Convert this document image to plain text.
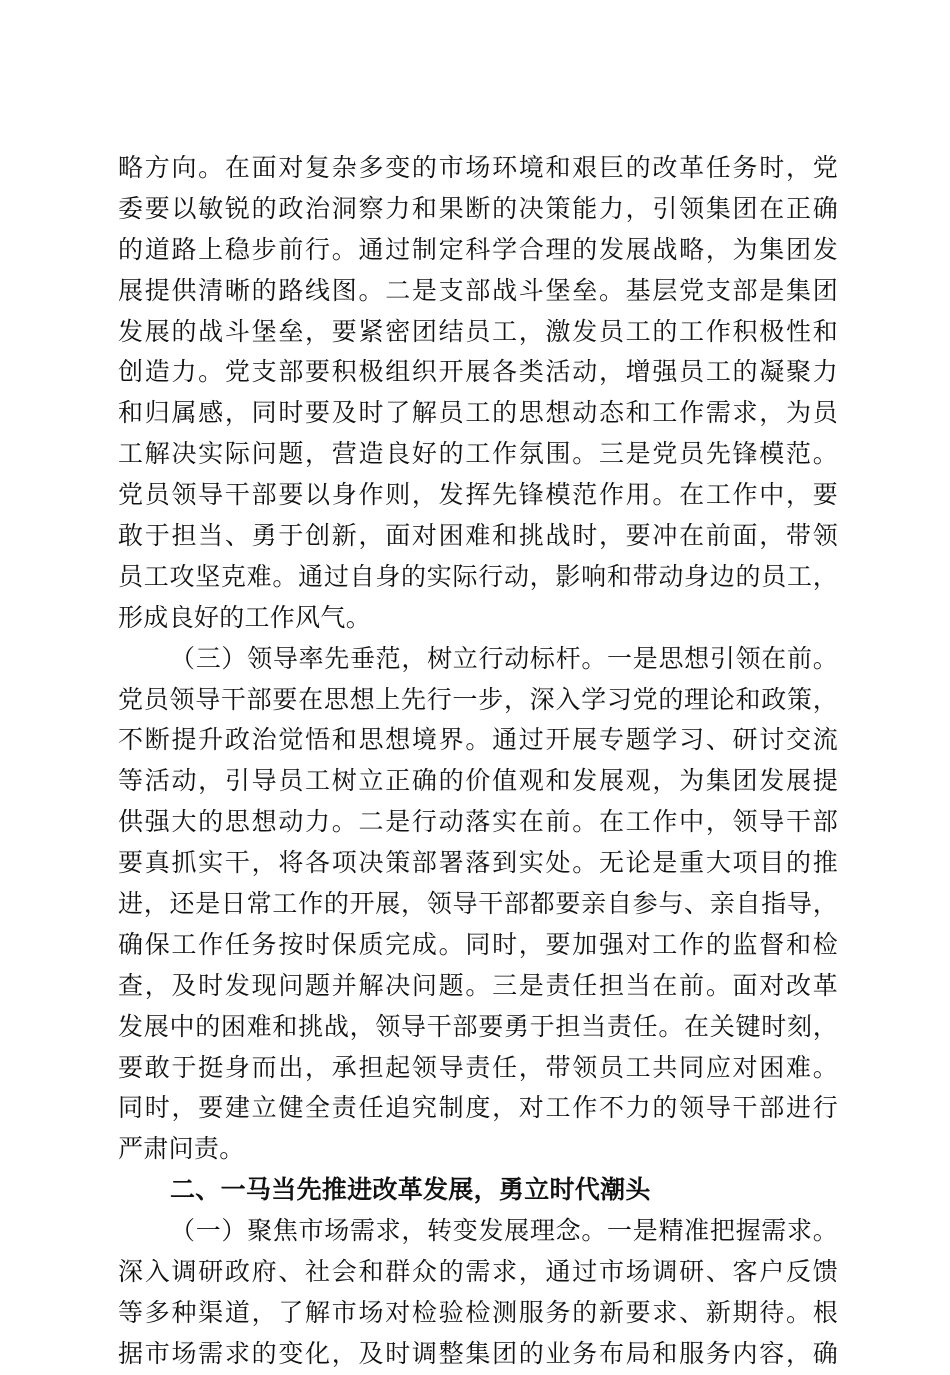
略方向。在面对复杂多变的市场环境和艰巨的改革任务时，党
委要以敏锐的政治洞察力和果断的决策能力，引领集团在正确
的道路上稳步前行。通过制定科学合理的发展战略，为集团发
展提供清晰的路线图。二是支部战斗堡垒。基层党支部是集团
发展的战斗堡垒，要紧密团结员工，激发员工的工作积极性和
创造力。党支部要积极组织开展各类活动，增强员工的凝聚力
和归属感，同时要及时了解员工的思想动态和工作需求，为员
工解决实际问题，营造良好的工作氛围。三是党员先锋模范。
党员领导干部要以身作则，发挥先锋模范作用。在工作中，要
敢于担当、勇于创新，面对困难和挑战时，要冲在前面，带领
员工攻坚克难。通过自身的实际行动，影响和带动身边的员工，
形成良好的工作风气。
（三）领导率先垂范，树立行动标杆。一是思想引领在前。
党员领导干部要在思想上先行一步，深入学习党的理论和政策，
不断提升政治觉悟和思想境界。通过开展专题学习、研讨交流
等活动，引导员工树立正确的价值观和发展观，为集团发展提
供强大的思想动力。二是行动落实在前。在工作中，领导干部
要真抓实干，将各项决策部署落到实处。无论是重大项目的推
进，还是日常工作的开展，领导干部都要亲自参与、亲自指导，
确保工作任务按时保质完成。同时，要加强对工作的监督和检
查，及时发现问题并解决问题。三是责任担当在前。面对改革
发展中的困难和挑战，领导干部要勇于担当责任。在关键时刻，
要敢于挺身而出，承担起领导责任，带领员工共同应对困难。
同时，要建立健全责任追究制度，对工作不力的领导干部进行
严肃问责。
二、一马当先推进改革发展，勇立时代潮头
（一）聚焦市场需求，转变发展理念。一是精准把握需求。
深入调研政府、社会和群众的需求，通过市场调研、客户反馈
等多种渠道，了解市场对检验检测服务的新要求、新期待。根
据市场需求的变化，及时调整集团的业务布局和服务内容，确
